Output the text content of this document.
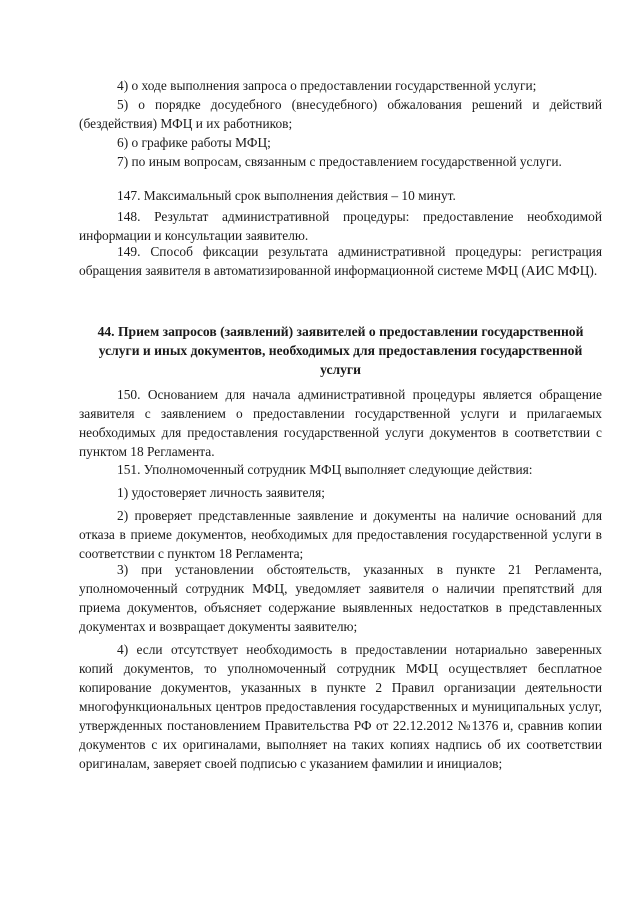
4) о ходе выполнения запроса о предоставлении государственной услуги;

5) о порядке досудебного (внесудебного) обжалования решений и действий (бездействия) МФЦ и их работников;

6) о графике работы МФЦ;

7) по иным вопросам, связанным с предоставлением государственной услуги.

147. Максимальный срок выполнения действия – 10 минут.

148. Результат административной процедуры: предоставление необходимой информации и консультации заявителю.

149. Способ фиксации результата административной процедуры: регистрация обращения заявителя в автоматизированной информационной системе МФЦ (АИС МФЦ).

44. Прием запросов (заявлений) заявителей о предоставлении государственной услуги и иных документов, необходимых для предоставления государственной услуги

150. Основанием для начала административной процедуры является обращение заявителя с заявлением о предоставлении государственной услуги и прилагаемых необходимых для предоставления государственной услуги документов в соответствии с пунктом 18 Регламента.

151. Уполномоченный сотрудник МФЦ выполняет следующие действия:

1) удостоверяет личность заявителя;

2) проверяет представленные заявление и документы на наличие оснований для отказа в приеме документов, необходимых для предоставления государственной услуги в соответствии с пунктом 18 Регламента;

3) при установлении обстоятельств, указанных в пункте 21 Регламента, уполномоченный сотрудник МФЦ, уведомляет заявителя о наличии препятствий для приема документов, объясняет содержание выявленных недостатков в представленных документах и возвращает документы заявителю;

4) если отсутствует необходимость в предоставлении нотариально заверенных копий документов, то уполномоченный сотрудник МФЦ осуществляет бесплатное копирование документов, указанных в пункте 2 Правил организации деятельности многофункциональных центров предоставления государственных и муниципальных услуг, утвержденных постановлением Правительства РФ от 22.12.2012 №1376 и, сравнив копии документов с их оригиналами, выполняет на таких копиях надпись об их соответствии оригиналам, заверяет своей подписью с указанием фамилии и инициалов;
